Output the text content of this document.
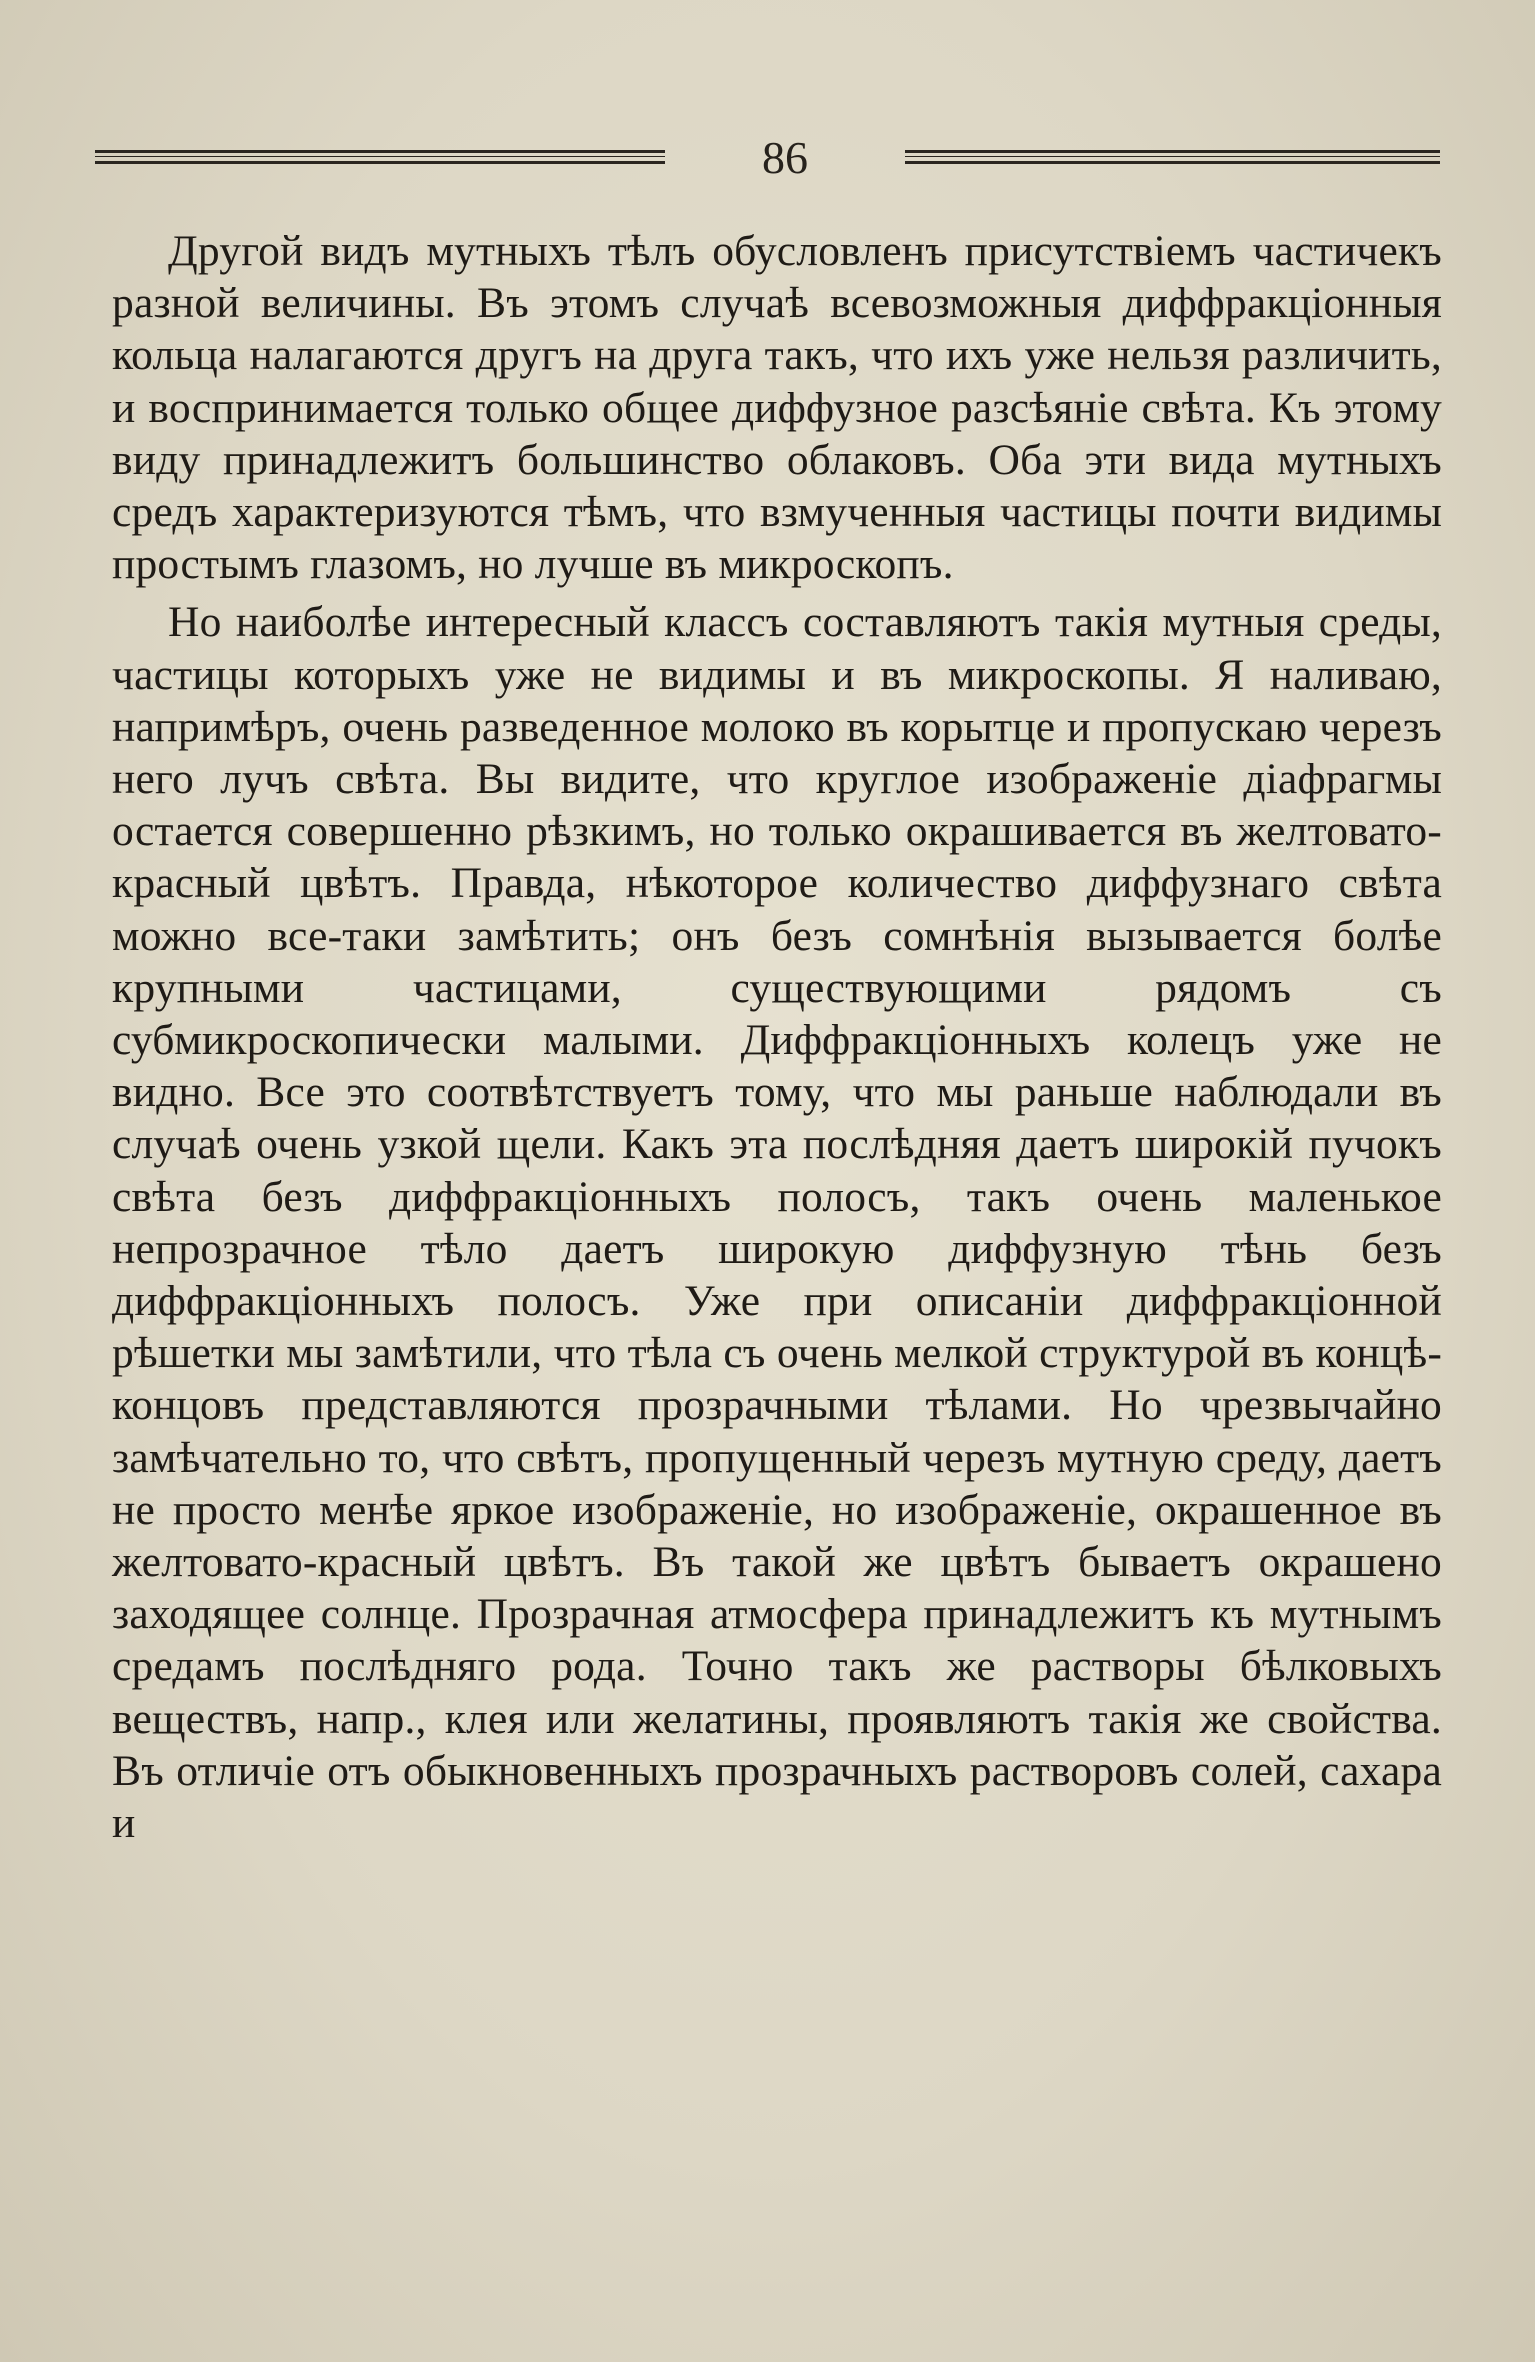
86

Другой видъ мутныхъ тѣлъ обусловленъ присутствіемъ частичекъ разной величины. Въ этомъ случаѣ всевозможныя диффракціонныя кольца налагаются другъ на друга такъ, что ихъ уже нельзя различить, и воспринимается только общее диффузное разсѣяніе свѣта. Къ этому виду принадлежитъ большинство облаковъ. Оба эти вида мутныхъ средъ характеризуются тѣмъ, что взмученныя частицы почти видимы простымъ глазомъ, но лучше въ микроскопъ.

Но наиболѣе интересный классъ составляютъ такія мутныя среды, частицы которыхъ уже не видимы и въ микроскопы. Я наливаю, напримѣръ, очень разведенное молоко въ корытце и пропускаю черезъ него лучъ свѣта. Вы видите, что круглое изображеніе діафрагмы остается совершенно рѣзкимъ, но только окрашивается въ желтовато-красный цвѣтъ. Правда, нѣкоторое количество диффузнаго свѣта можно все-таки замѣтить; онъ безъ сомнѣнія вызывается болѣе крупными частицами, существующими рядомъ съ субмикроскопически малыми. Диффракціонныхъ колецъ уже не видно. Все это соотвѣтствуетъ тому, что мы раньше наблюдали въ случаѣ очень узкой щели. Какъ эта послѣдняя даетъ широкій пучокъ свѣта безъ диффракціонныхъ полосъ, такъ очень маленькое непрозрачное тѣло даетъ широкую диффузную тѣнь безъ диффракціонныхъ полосъ. Уже при описаніи диффракціонной рѣшетки мы замѣтили, что тѣла съ очень мелкой структурой въ концѣ-концовъ представляются прозрачными тѣлами. Но чрезвычайно замѣчательно то, что свѣтъ, пропущенный черезъ мутную среду, даетъ не просто менѣе яркое изображеніе, но изображеніе, окрашенное въ желтовато-красный цвѣтъ. Въ такой же цвѣтъ бываетъ окрашено заходящее солнце. Прозрачная атмосфера принадлежитъ къ мутнымъ средамъ послѣдняго рода. Точно такъ же растворы бѣлковыхъ веществъ, напр., клея или желатины, проявляютъ такія же свойства. Въ отличіе отъ обыкновенныхъ прозрачныхъ растворовъ солей, сахара и
